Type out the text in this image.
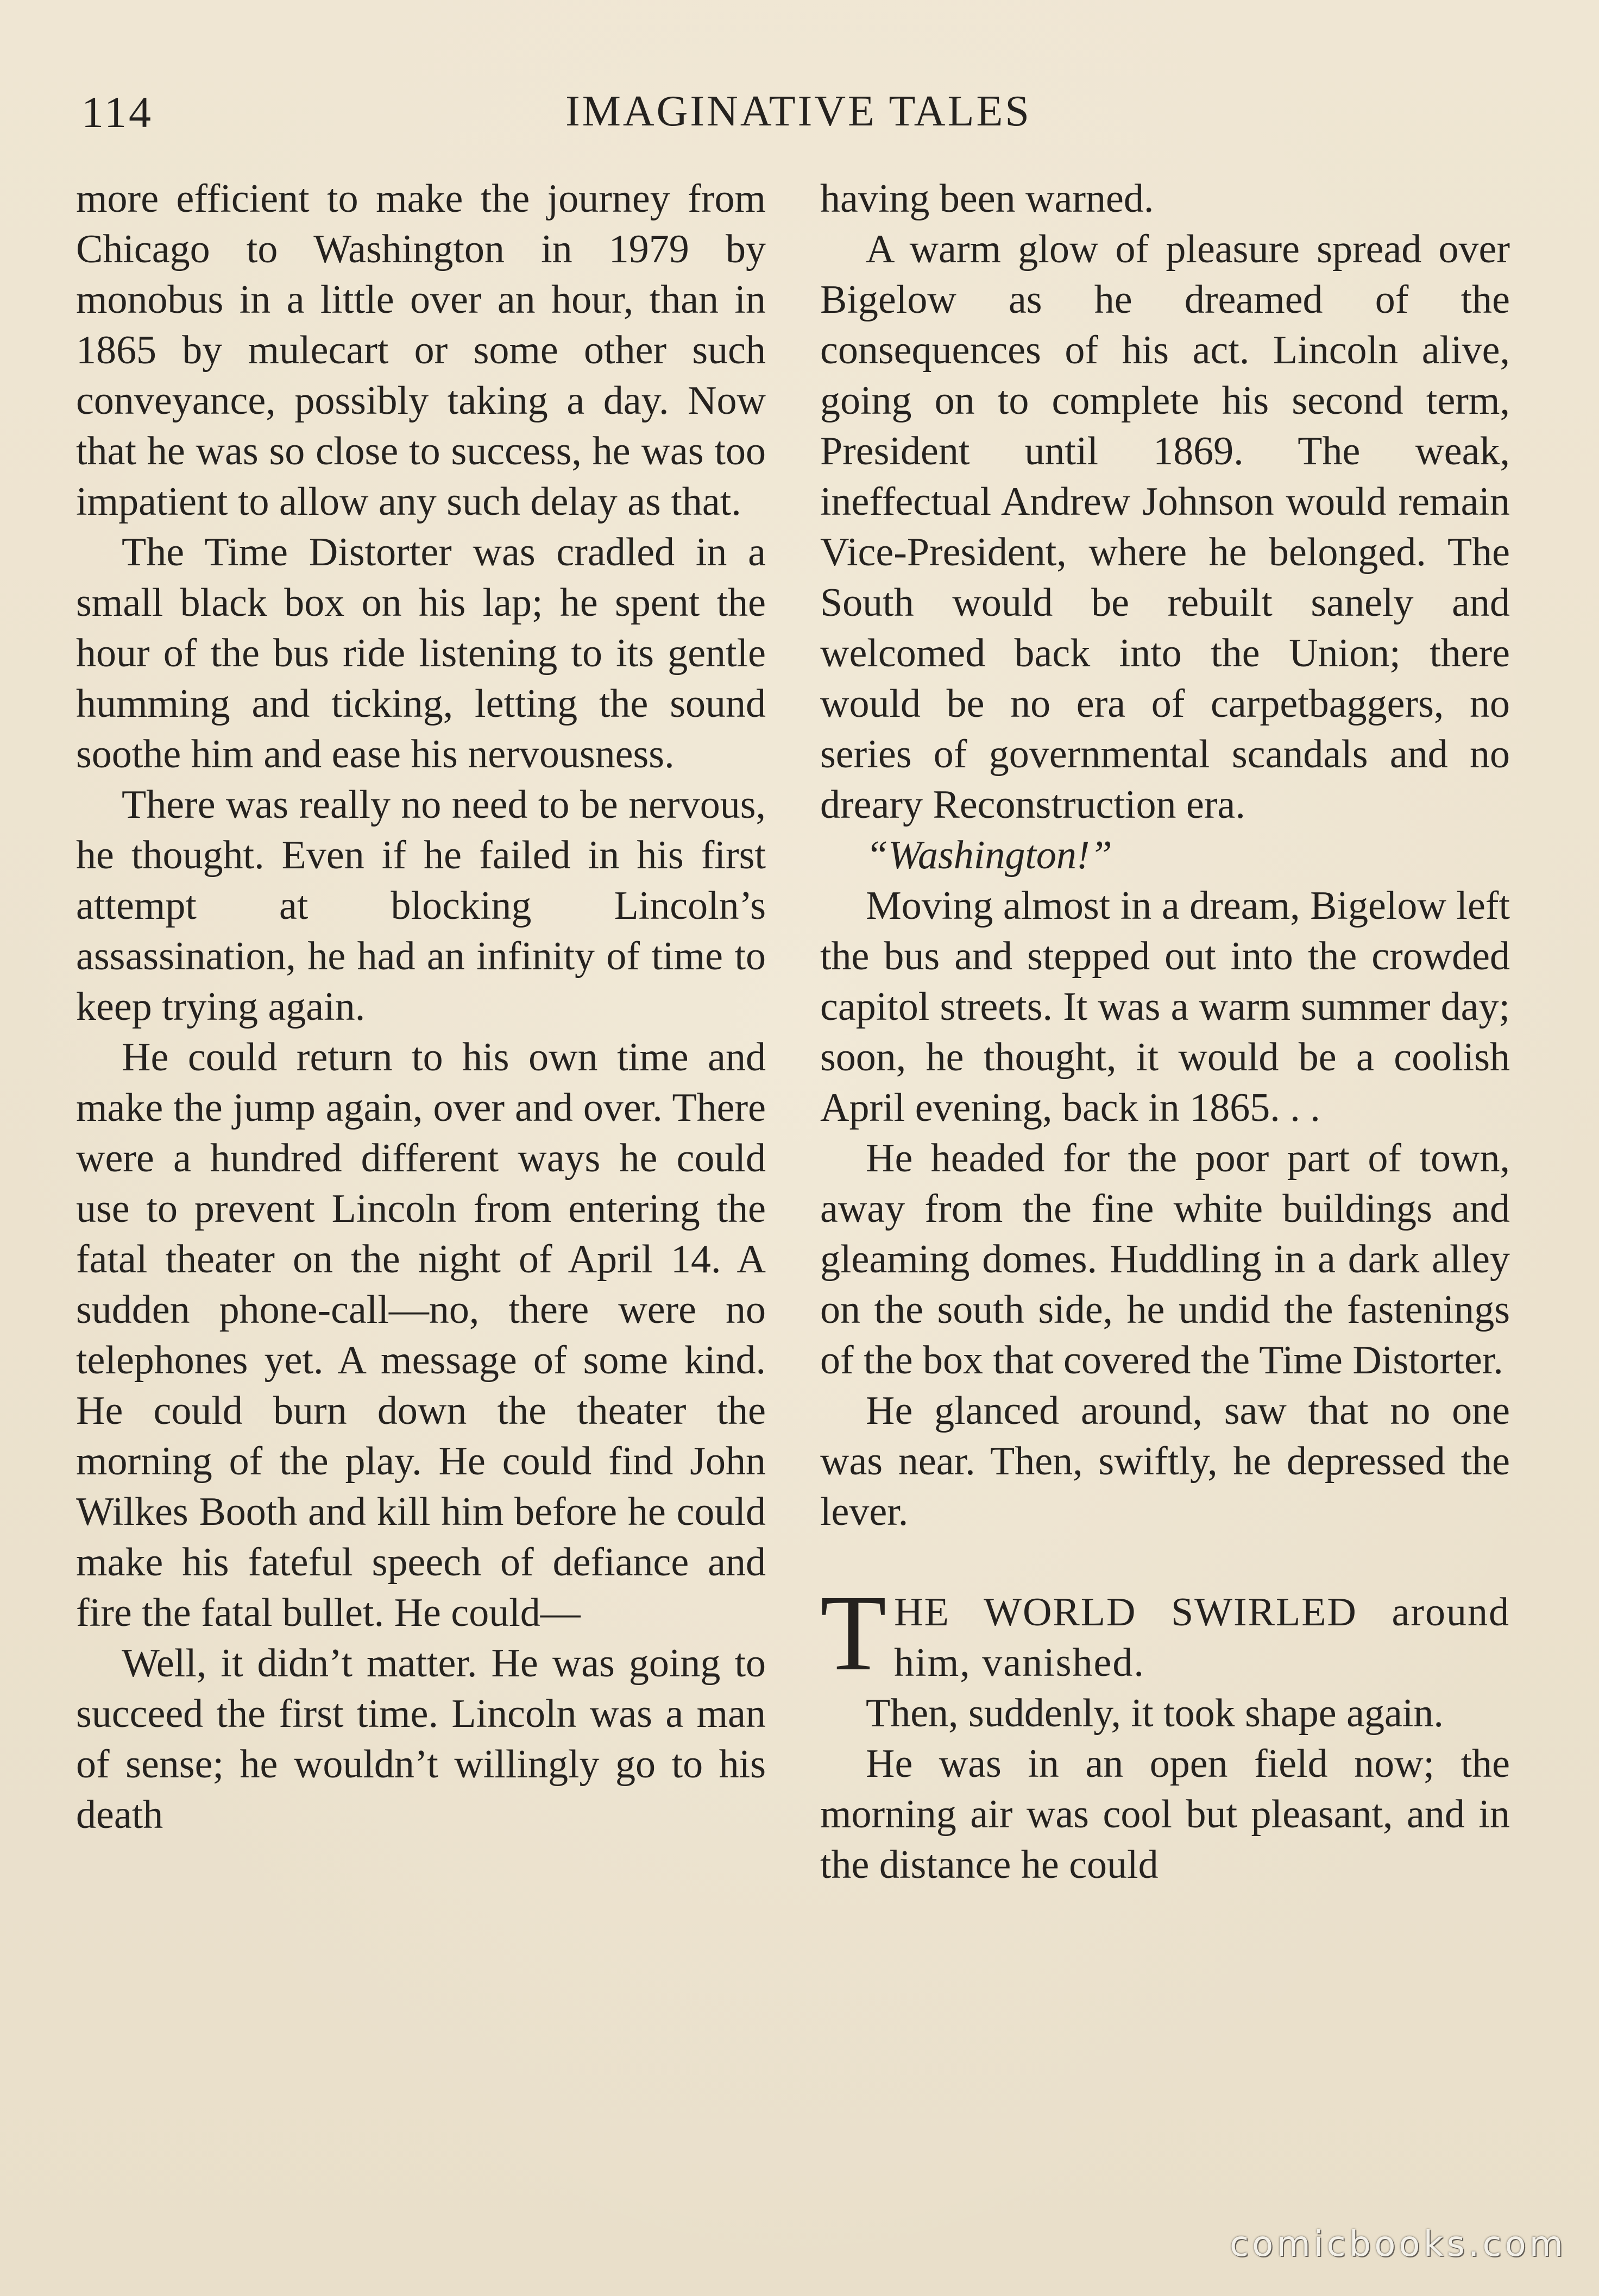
114	IMAGINATIVE TALES

more efficient to make the journey from Chicago to Washington in 1979 by monobus in a little over an hour, than in 1865 by mulecart or some other such conveyance, possibly taking a day. Now that he was so close to success, he was too impatient to allow any such delay as that.

The Time Distorter was cradled in a small black box on his lap; he spent the hour of the bus ride listening to its gentle humming and ticking, letting the sound soothe him and ease his nervousness.

There was really no need to be nervous, he thought. Even if he failed in his first attempt at blocking Lincoln’s assassination, he had an infinity of time to keep trying again.

He could return to his own time and make the jump again, over and over. There were a hundred different ways he could use to prevent Lincoln from entering the fatal theater on the night of April 14. A sudden phone-call—no, there were no telephones yet. A message of some kind. He could burn down the theater the morning of the play. He could find John Wilkes Booth and kill him before he could make his fateful speech of defiance and fire the fatal bullet. He could—

Well, it didn’t matter. He was going to succeed the first time. Lincoln was a man of sense; he wouldn’t willingly go to his death

having been warned.

A warm glow of pleasure spread over Bigelow as he dreamed of the consequences of his act. Lincoln alive, going on to complete his second term, President until 1869. The weak, ineffectual Andrew Johnson would remain Vice-President, where he belonged. The South would be rebuilt sanely and welcomed back into the Union; there would be no era of carpetbaggers, no series of governmental scandals and no dreary Reconstruction era.

“Washington!”

Moving almost in a dream, Bigelow left the bus and stepped out into the crowded capitol streets. It was a warm summer day; soon, he thought, it would be a coolish April evening, back in 1865. . .

He headed for the poor part of town, away from the fine white buildings and gleaming domes. Huddling in a dark alley on the south side, he undid the fastenings of the box that covered the Time Distorter.

He glanced around, saw that no one was near. Then, swiftly, he depressed the lever.

T HE WORLD SWIRLED around him, vanished.

Then, suddenly, it took shape again.

He was in an open field now; the morning air was cool but pleasant, and in the distance he could

comicbooks.com
